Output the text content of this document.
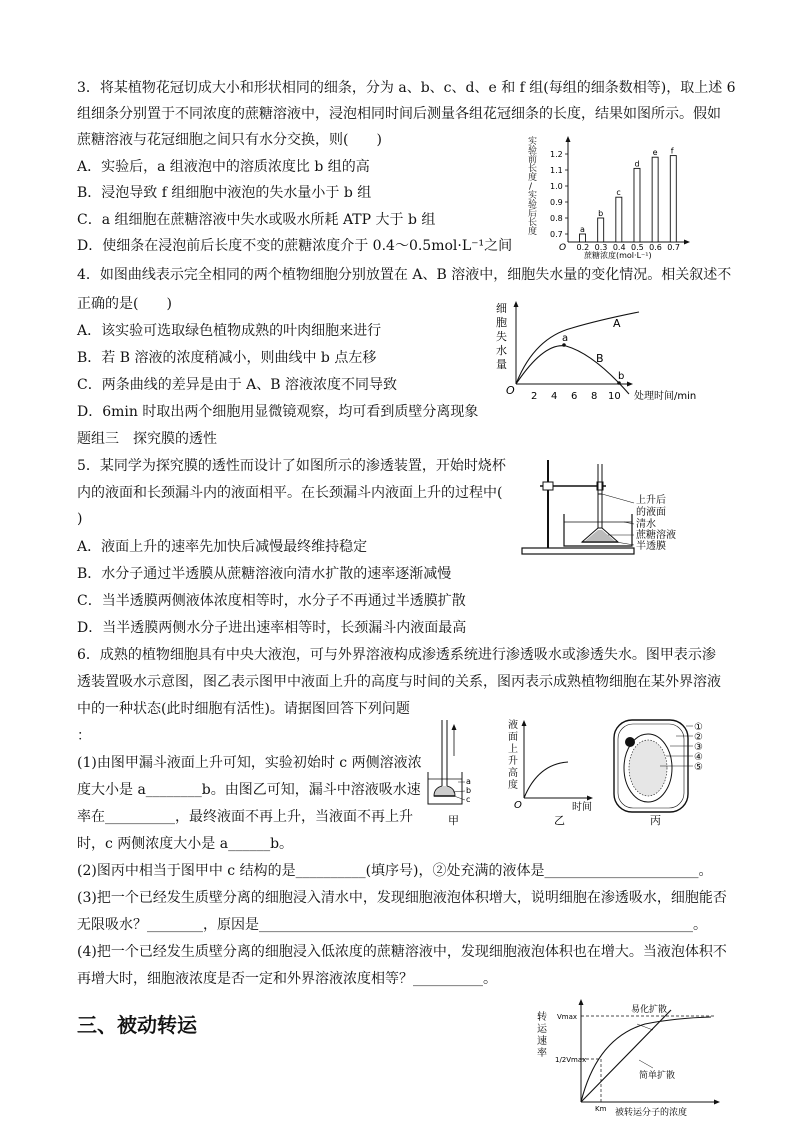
3．将某植物花冠切成大小和形状相同的细条，分为 a、b、c、d、e 和 f 组(每组的细条数相等)，取上述 6
组细条分别置于不同浓度的蔗糖溶液中，浸泡相同时间后测量各组花冠细条的长度，结果如图所示。假如
蔗糖溶液与花冠细胞之间只有水分交换，则(　　)
A．实验后，a 组液泡中的溶质浓度比 b 组的高
B．浸泡导致 f 组细胞中液泡的失水量小于 b 组
C．a 组细胞在蔗糖溶液中失水或吸水所耗 ATP 大于 b 组
D．使细条在浸泡前后长度不变的蔗糖浓度介于 0.4～0.5mol·L⁻¹之间
实
验
前
长
度
/
实
验
后
长
度
O
1.2
1.1
1.0
0.9
0.8
0.7
a
b
c
d
e f
0.2 0.3 0.4 0.5 0.6 0.7
蔗糖浓度(mol·L⁻¹)
4．如图曲线表示完全相同的两个植物细胞分别放置在 A、B 溶液中，细胞失水量的变化情况。相关叙述不
正确的是(　　)
A．该实验可选取绿色植物成熟的叶肉细胞来进行
B．若 B 溶液的浓度稍减小，则曲线中 b 点左移
C．两条曲线的差异是由于 A、B 溶液浓度不同导致
D．6min 时取出两个细胞用显微镜观察，均可看到质壁分离现象
细
胞
失
水
量
O 2 4 6 8 10 处理时间/min
a
b
A
B
题组三　探究膜的透性
5．某同学为探究膜的透性而设计了如图所示的渗透装置，开始时烧杯
内的液面和长颈漏斗内的液面相平。在长颈漏斗内液面上升的过程中(
)
A．液面上升的速率先加快后减慢最终维持稳定
B．水分子通过半透膜从蔗糖溶液向清水扩散的速率逐渐减慢
C．当半透膜两侧液体浓度相等时，水分子不再通过半透膜扩散
D．当半透膜两侧水分子进出速率相等时，长颈漏斗内液面最高
上升后
的液面
清水
蔗糖溶液
半透膜
6．成熟的植物细胞具有中央大液泡，可与外界溶液构成渗透系统进行渗透吸水或渗透失水。图甲表示渗
透装置吸水示意图，图乙表示图甲中液面上升的高度与时间的关系，图丙表示成熟植物细胞在某外界溶液
中的一种状态(此时细胞有活性)。请据图回答下列问题
：
(1)由图甲漏斗液面上升可知，实验初始时 c 两侧溶液浓
度大小是 a________b。由图乙可知，漏斗中溶液吸水速
率在__________，最终液面不再上升，当液面不再上升
时，c 两侧浓度大小是 a______b。
(2)图丙中相当于图甲中 c 结构的是__________(填序号)，②处充满的液体是______________________。
(3)把一个已经发生质壁分离的细胞浸入清水中，发现细胞液泡体积增大，说明细胞在渗透吸水，细胞能否
无限吸水？________，原因是______________________________________________________________。
(4)把一个已经发生质壁分离的细胞浸入低浓度的蔗糖溶液中，发现细胞液泡体积也在增大。当液泡体积不
再增大时，细胞液浓度是否一定和外界溶液浓度相等？__________。
a
b
c
甲
液
面
上
升
高
度
O	时间
乙
①
②
③
④
⑤
丙
三、被动转运	转
运
速
率
Vmax
1/2Vmax
Km
易化扩散
简单扩散
被转运分子的浓度
